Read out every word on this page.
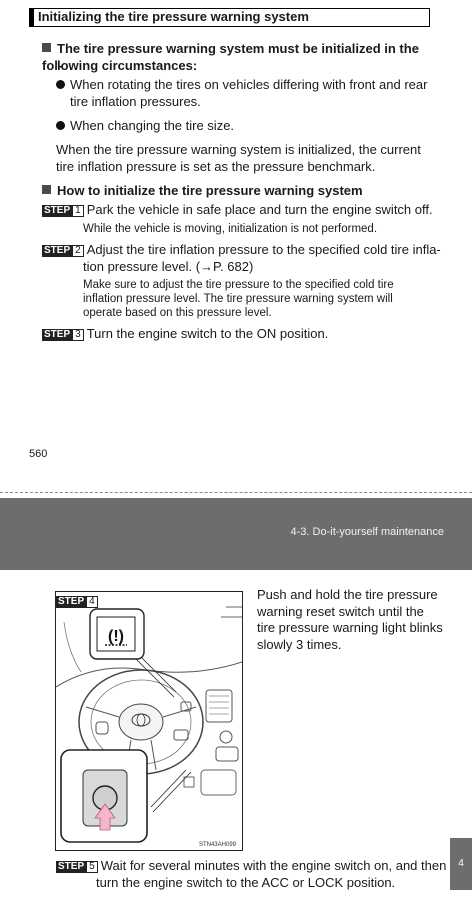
Initializing the tire pressure warning system
The tire pressure warning system must be initialized in the fol-
lowing circumstances:
When rotating the tires on vehicles differing with front and rear
tire inflation pressures.
When changing the tire size.
When the tire pressure warning system is initialized, the current
tire inflation pressure is set as the pressure benchmark.
How to initialize the tire pressure warning system
STEP 1 Park the vehicle in safe place and turn the engine switch off.
While the vehicle is moving, initialization is not performed.
STEP 2 Adjust the tire inflation pressure to the specified cold tire infla-
tion pressure level. (→P. 682)
Make sure to adjust the tire pressure to the specified cold tire
inflation pressure level. The tire pressure warning system will
operate based on this pressure level.
STEP 3 Turn the engine switch to the ON position.
560
4-3. Do-it-yourself maintenance
STEP 4
(!)
STN43AH099
Push and hold the tire pressure
warning reset switch until the
tire pressure warning light blinks
slowly 3 times.
STEP 5 Wait for several minutes with the engine switch on, and then
turn the engine switch to the ACC or LOCK position.
4
